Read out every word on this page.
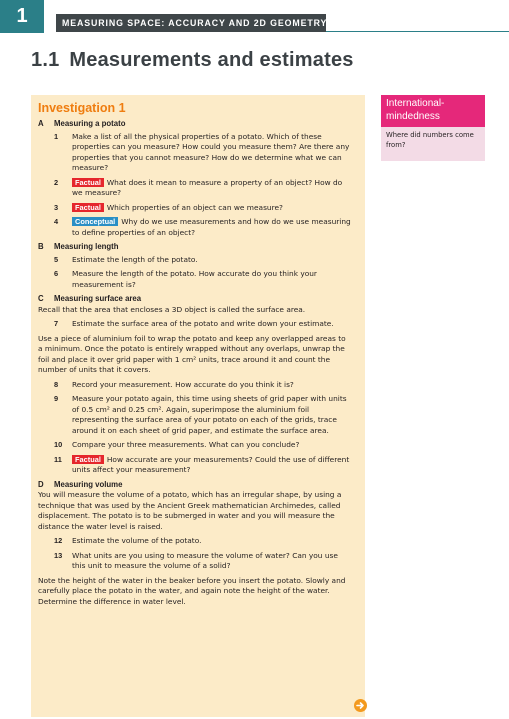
1	MEASURING SPACE: ACCURACY AND 2D GEOMETRY
1.1 Measurements and estimates
Investigation 1
A	Measuring a potato
1	Make a list of all the physical properties of a potato. Which of these properties can you measure? How could you measure them? Are there any properties that you cannot measure? How do we determine what we can measure?
2	Factual What does it mean to measure a property of an object? How do we measure?
3	Factual Which properties of an object can we measure?
4	Conceptual Why do we use measurements and how do we use measuring to define properties of an object?
B	Measuring length
5	Estimate the length of the potato.
6	Measure the length of the potato. How accurate do you think your measurement is?
C	Measuring surface area
Recall that the area that encloses a 3D object is called the surface area.
7	Estimate the surface area of the potato and write down your estimate.
Use a piece of aluminium foil to wrap the potato and keep any overlapped areas to a minimum. Once the potato is entirely wrapped without any overlaps, unwrap the foil and place it over grid paper with 1 cm² units, trace around it and count the number of units that it covers.
8	Record your measurement. How accurate do you think it is?
9	Measure your potato again, this time using sheets of grid paper with units of 0.5 cm² and 0.25 cm². Again, superimpose the aluminium foil representing the surface area of your potato on each of the grids, trace around it on each sheet of grid paper, and estimate the surface area.
10	Compare your three measurements. What can you conclude?
11	Factual How accurate are your measurements? Could the use of different units affect your measurement?
D	Measuring volume
You will measure the volume of a potato, which has an irregular shape, by using a technique that was used by the Ancient Greek mathematician Archimedes, called displacement. The potato is to be submerged in water and you will measure the distance the water level is raised.
12	Estimate the volume of the potato.
13	What units are you using to measure the volume of water? Can you use this unit to measure the volume of a solid?
Note the height of the water in the beaker before you insert the potato. Slowly and carefully place the potato in the water, and again note the height of the water. Determine the difference in water level.
International-mindedness
Where did numbers come from?
